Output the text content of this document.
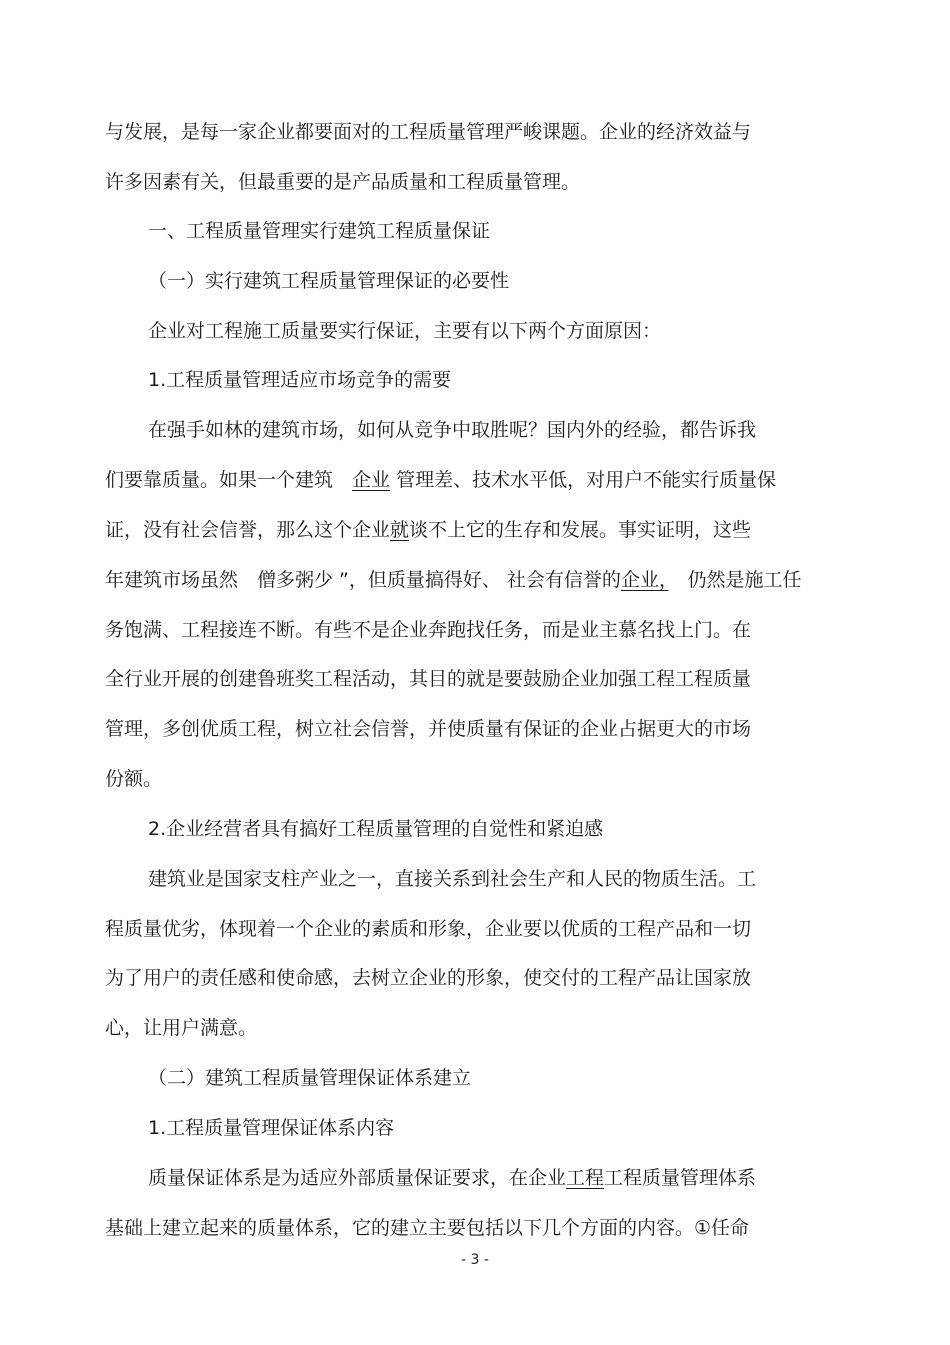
与发展，是每一家企业都要面对的工程质量管理严峻课题。企业的经济效益与
许多因素有关，但最重要的是产品质量和工程质量管理。
一、工程质量管理实行建筑工程质量保证
（一）实行建筑工程质量管理保证的必要性
企业对工程施工质量要实行保证，主要有以下两个方面原因：
1.工程质量管理适应市场竞争的需要
在强手如林的建筑市场，如何从竞争中取胜呢？国内外的经验，都告诉我
们要靠质量。如果一个建筑　企业 管理差、技术水平低，对用户不能实行质量保
证，没有社会信誉，那么这个企业就谈不上它的生存和发展。事实证明，这些
年建筑市场虽然　僧多粥少 ”，但质量搞得好、 社会有信誉的企业，　仍然是施工任
务饱满、工程接连不断。有些不是企业奔跑找任务，而是业主慕名找上门。在
全行业开展的创建鲁班奖工程活动，其目的就是要鼓励企业加强工程工程质量
管理，多创优质工程，树立社会信誉，并使质量有保证的企业占据更大的市场
份额。
2.企业经营者具有搞好工程质量管理的自觉性和紧迫感
建筑业是国家支柱产业之一，直接关系到社会生产和人民的物质生活。工
程质量优劣，体现着一个企业的素质和形象，企业要以优质的工程产品和一切
为了用户的责任感和使命感，去树立企业的形象，使交付的工程产品让国家放
心，让用户满意。
（二）建筑工程质量管理保证体系建立
1.工程质量管理保证体系内容
质量保证体系是为适应外部质量保证要求，在企业工程工程质量管理体系
基础上建立起来的质量体系，它的建立主要包括以下几个方面的内容。①任命
- 3 -
